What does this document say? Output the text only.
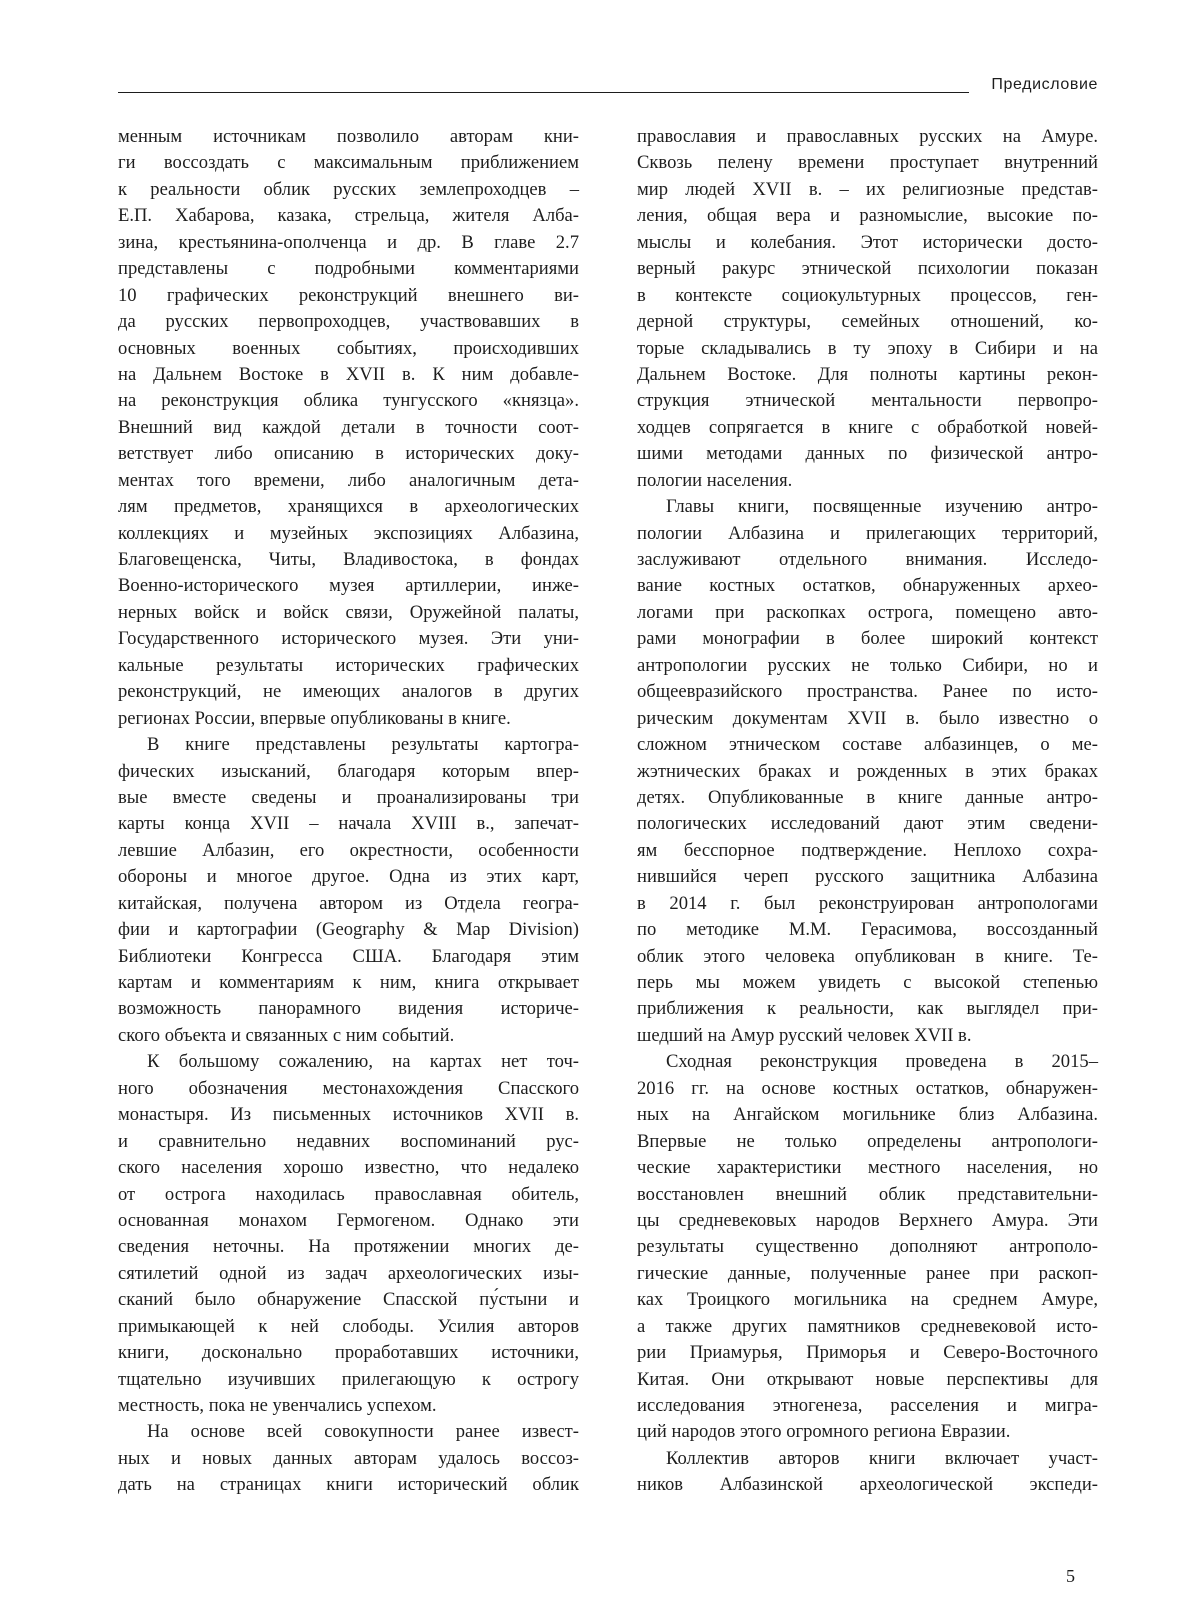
Предисловие
менным источникам позволило авторам кни-
ги воссоздать с максимальным приближением
к реальности облик русских землепроходцев –
Е.П. Хабарова, казака, стрельца, жителя Алба-
зина, крестьянина-ополченца и др. В главе 2.7
представлены с подробными комментариями
10 графических реконструкций внешнего ви-
да русских первопроходцев, участвовавших в
основных военных событиях, происходивших
на Дальнем Востоке в XVII в. К ним добавле-
на реконструкция облика тунгусского «князца».
Внешний вид каждой детали в точности соот-
ветствует либо описанию в исторических доку-
ментах того времени, либо аналогичным дета-
лям предметов, хранящихся в археологических
коллекциях и музейных экспозициях Албазина,
Благовещенска, Читы, Владивостока, в фондах
Военно-исторического музея артиллерии, инже-
нерных войск и войск связи, Оружейной палаты,
Государственного исторического музея. Эти уни-
кальные результаты исторических графических
реконструкций, не имеющих аналогов в других
регионах России, впервые опубликованы в книге.
В книге представлены результаты картогра-
фических изысканий, благодаря которым впер-
вые вместе сведены и проанализированы три
карты конца XVII – начала XVIII в., запечат-
левшие Албазин, его окрестности, особенности
обороны и многое другое. Одна из этих карт,
китайская, получена автором из Отдела геогра-
фии и картографии (Geography & Map Division)
Библиотеки Конгресса США. Благодаря этим
картам и комментариям к ним, книга открывает
возможность панорамного видения историче-
ского объекта и связанных с ним событий.
К большому сожалению, на картах нет точ-
ного обозначения местонахождения Спасского
монастыря. Из письменных источников XVII в.
и сравнительно недавних воспоминаний рус-
ского населения хорошо известно, что недалеко
от острога находилась православная обитель,
основанная монахом Гермогеном. Однако эти
сведения неточны. На протяжении многих де-
сятилетий одной из задач археологических изы-
сканий было обнаружение Спасской пу́стыни и
примыкающей к ней слободы. Усилия авторов
книги, досконально проработавших источники,
тщательно изучивших прилегающую к острогу
местность, пока не увенчались успехом.
На основе всей совокупности ранее извест-
ных и новых данных авторам удалось воссоз-
дать на страницах книги исторический облик
православия и православных русских на Амуре.
Сквозь пелену времени проступает внутренний
мир людей XVII в. – их религиозные представ-
ления, общая вера и разномыслие, высокие по-
мыслы и колебания. Этот исторически досто-
верный ракурс этнической психологии показан
в контексте социокультурных процессов, ген-
дерной структуры, семейных отношений, ко-
торые складывались в ту эпоху в Сибири и на
Дальнем Востоке. Для полноты картины рекон-
струкция этнической ментальности первопро-
ходцев сопрягается в книге с обработкой новей-
шими методами данных по физической антро-
пологии населения.
Главы книги, посвященные изучению антро-
пологии Албазина и прилегающих территорий,
заслуживают отдельного внимания. Исследо-
вание костных остатков, обнаруженных архео-
логами при раскопках острога, помещено авто-
рами монографии в более широкий контекст
антропологии русских не только Сибири, но и
общеевразийского пространства. Ранее по исто-
рическим документам XVII в. было известно о
сложном этническом составе албазинцев, о ме-
жэтнических браках и рожденных в этих браках
детях. Опубликованные в книге данные антро-
пологических исследований дают этим сведени-
ям бесспорное подтверждение. Неплохо сохра-
нившийся череп русского защитника Албазина
в 2014 г. был реконструирован антропологами
по методике М.М. Герасимова, воссозданный
облик этого человека опубликован в книге. Те-
перь мы можем увидеть с высокой степенью
приближения к реальности, как выглядел при-
шедший на Амур русский человек XVII в.
Сходная реконструкция проведена в 2015–
2016 гг. на основе костных остатков, обнаружен-
ных на Ангайском могильнике близ Албазина.
Впервые не только определены антропологи-
ческие характеристики местного населения, но
восстановлен внешний облик представительни-
цы средневековых народов Верхнего Амура. Эти
результаты существенно дополняют антрополо-
гические данные, полученные ранее при раскоп-
ках Троицкого могильника на среднем Амуре,
а также других памятников средневековой исто-
рии Приамурья, Приморья и Северо-Восточного
Китая. Они открывают новые перспективы для
исследования этногенеза, расселения и мигра-
ций народов этого огромного региона Евразии.
Коллектив авторов книги включает участ-
ников Албазинской археологической экспеди-
5
